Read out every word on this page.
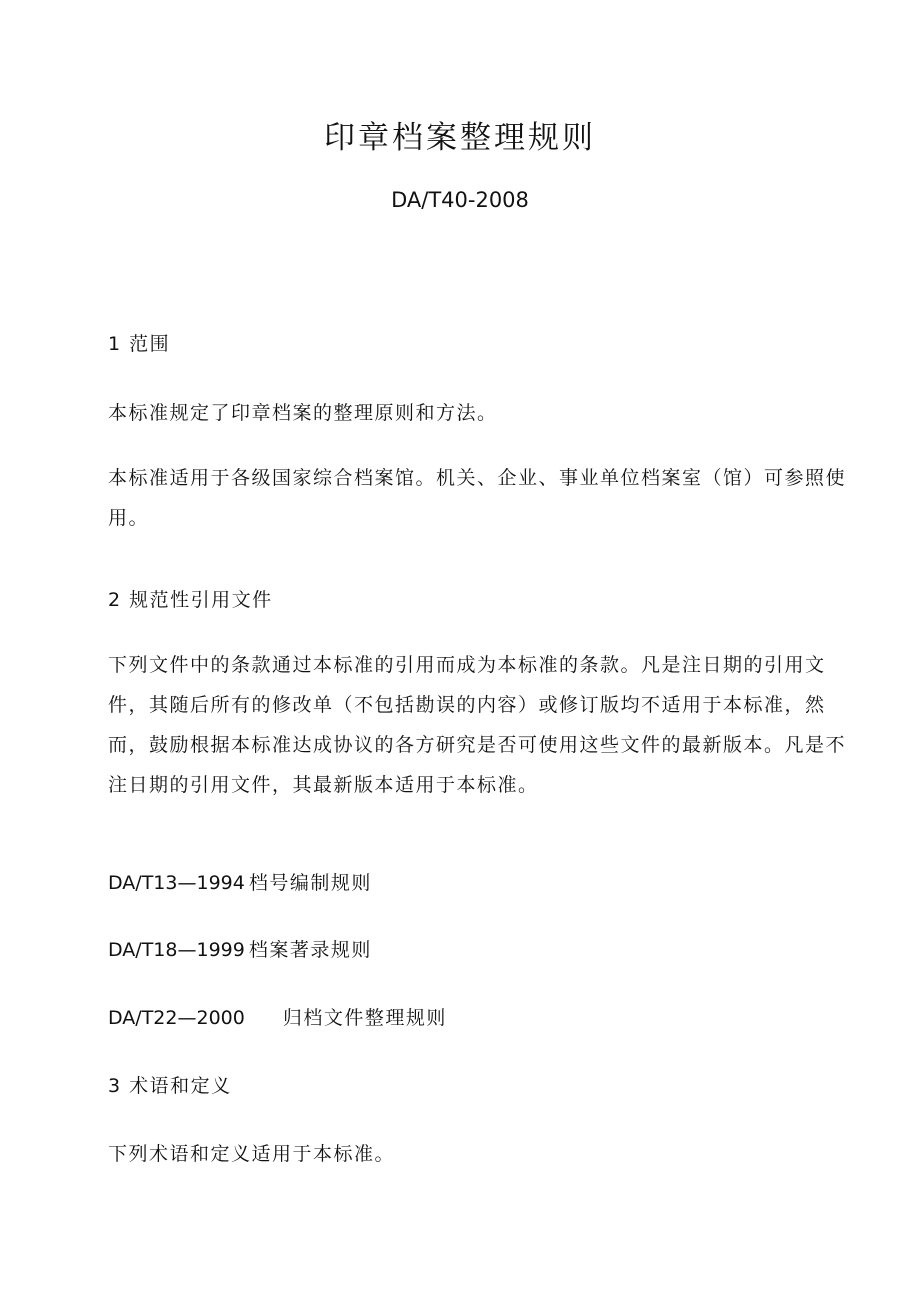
印章档案整理规则
DA/T40-2008
1 范围
本标准规定了印章档案的整理原则和方法。
本标准适用于各级国家综合档案馆。机关、企业、事业单位档案室（馆）可参照使用。
2 规范性引用文件
下列文件中的条款通过本标准的引用而成为本标准的条款。凡是注日期的引用文件，其随后所有的修改单（不包括勘误的内容）或修订版均不适用于本标准，然而，鼓励根据本标准达成协议的各方研究是否可使用这些文件的最新版本。凡是不注日期的引用文件，其最新版本适用于本标准。
DA/T13—1994 档号编制规则
DA/T18—1999 档案著录规则
DA/T22—2000 归档文件整理规则
3 术语和定义
下列术语和定义适用于本标准。
